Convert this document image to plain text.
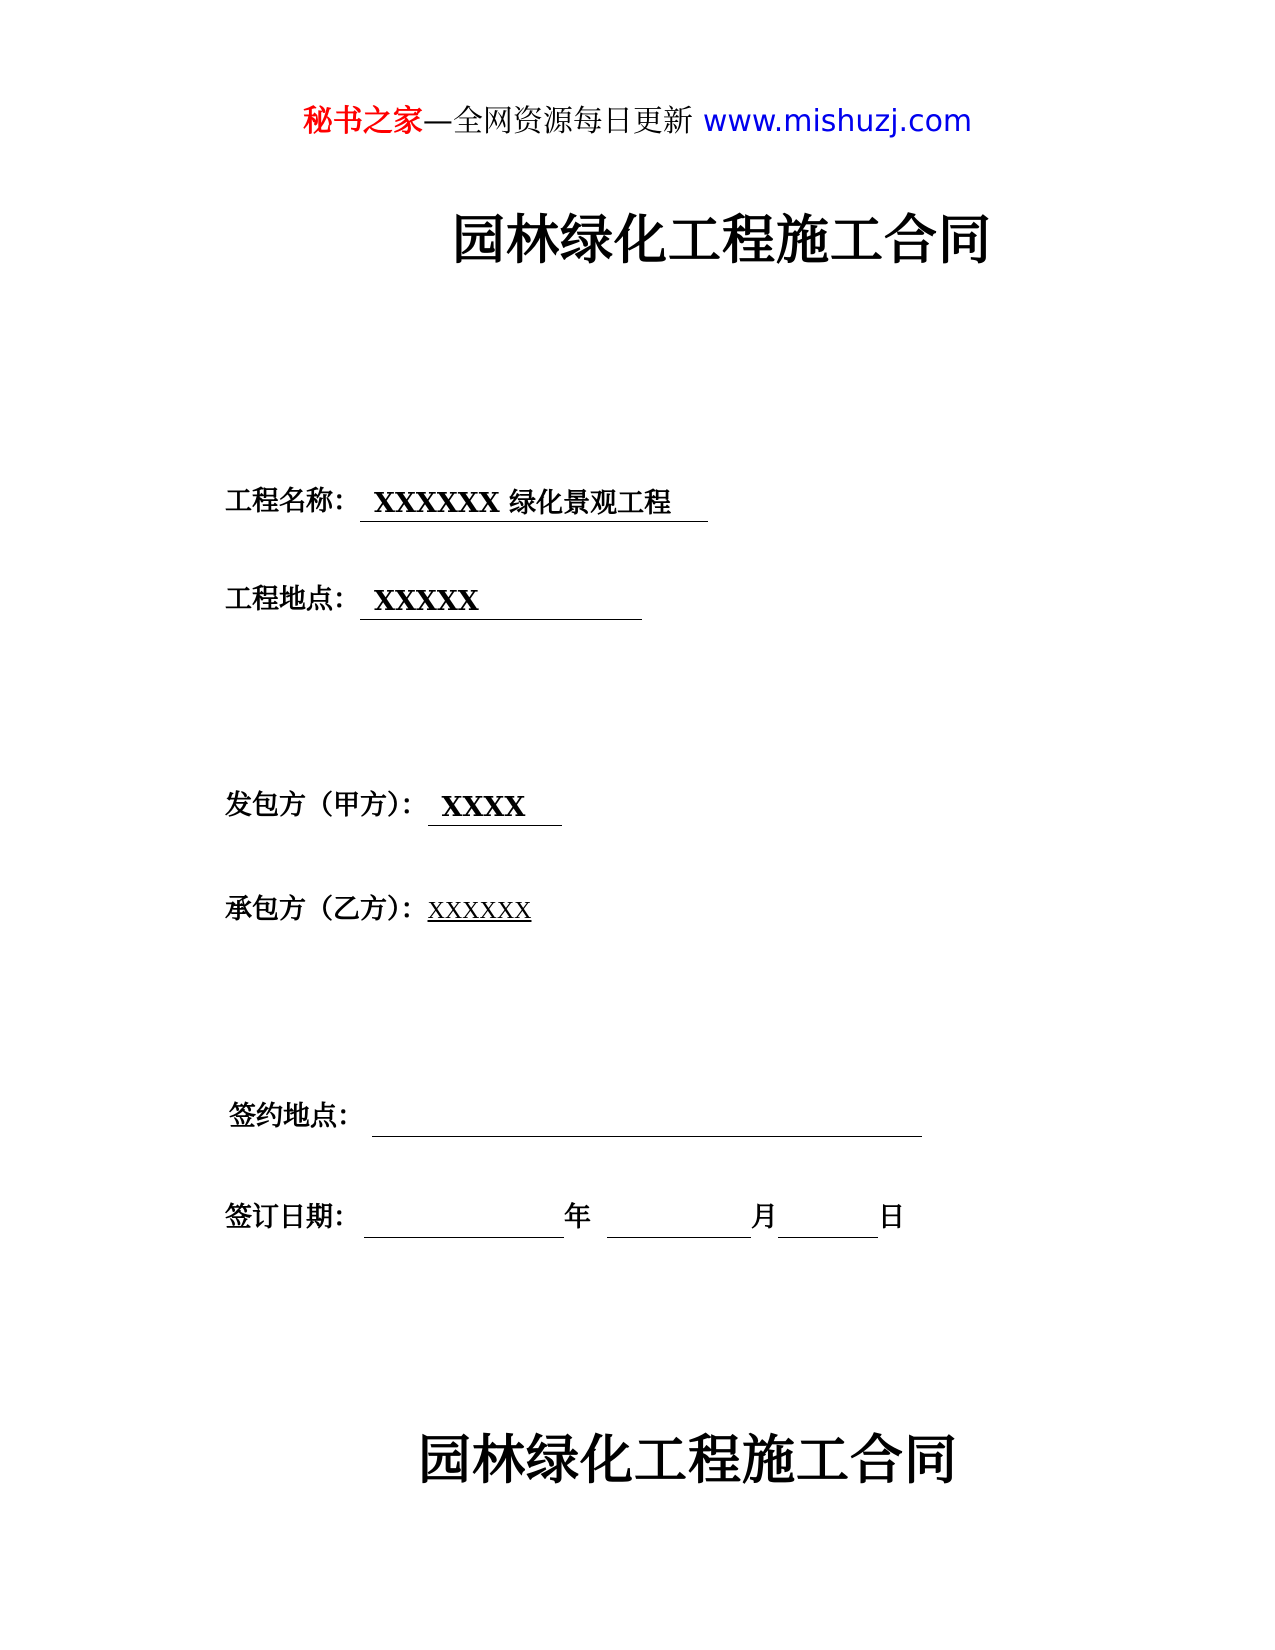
秘书之家—全网资源每日更新 www.mishuzj.com
园林绿化工程施工合同
工程名称： XXXXXX 绿化景观工程
工程地点： XXXXX
发包方（甲方）： XXXX
承包方（乙方）：XXXXXX
签约地点：
签订日期：	年	月	日
园林绿化工程施工合同
